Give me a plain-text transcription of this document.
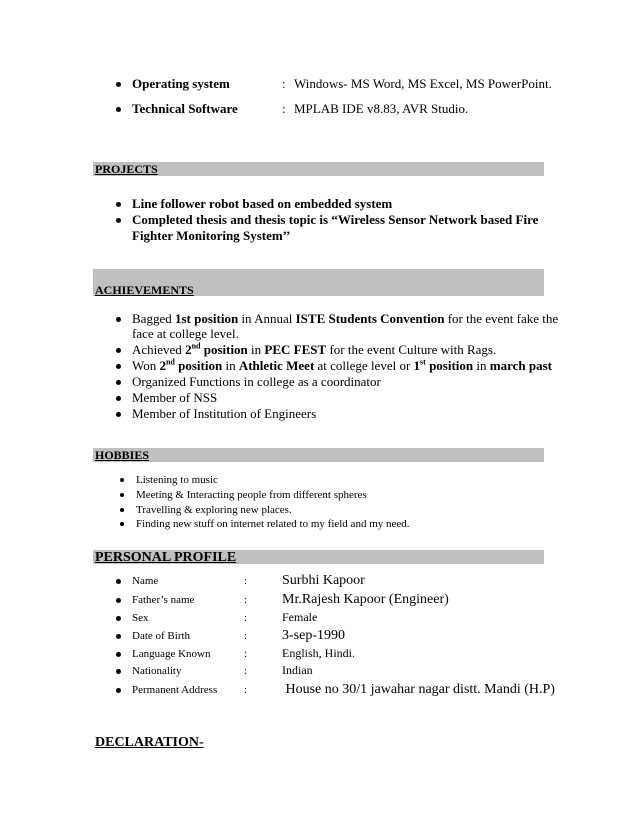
Operating system	: Windows- MS Word, MS Excel, MS PowerPoint.
Technical Software	: MPLAB IDE v8.83, AVR Studio.
PROJECTS
Line follower robot based on embedded system
Completed thesis and thesis topic is “Wireless Sensor Network based Fire
Fighter Monitoring System’’
ACHIEVEMENTS
Bagged 1st position in Annual ISTE Students Convention for the event fake the
face at college level.
Achieved 2nd position in PEC FEST for the event Culture with Rags.
Won 2nd position in Athletic Meet at college level or 1st position in march past
Organized Functions in college as a coordinator
Member of NSS
Member of Institution of Engineers
HOBBIES
Listening to music
Meeting & Interacting people from different spheres
Travelling & exploring new places.
Finding new stuff on internet related to my field and my need.
PERSONAL PROFILE
Name	: Surbhi Kapoor
Father’s name	: Mr.Rajesh Kapoor (Engineer)
Sex	:	Female
Date of Birth	: 3-sep-1990
Language Known	:	English, Hindi.
Nationality	:	Indian
Permanent Address : House no 30/1 jawahar nagar distt. Mandi (H.P)
DECLARATION-
